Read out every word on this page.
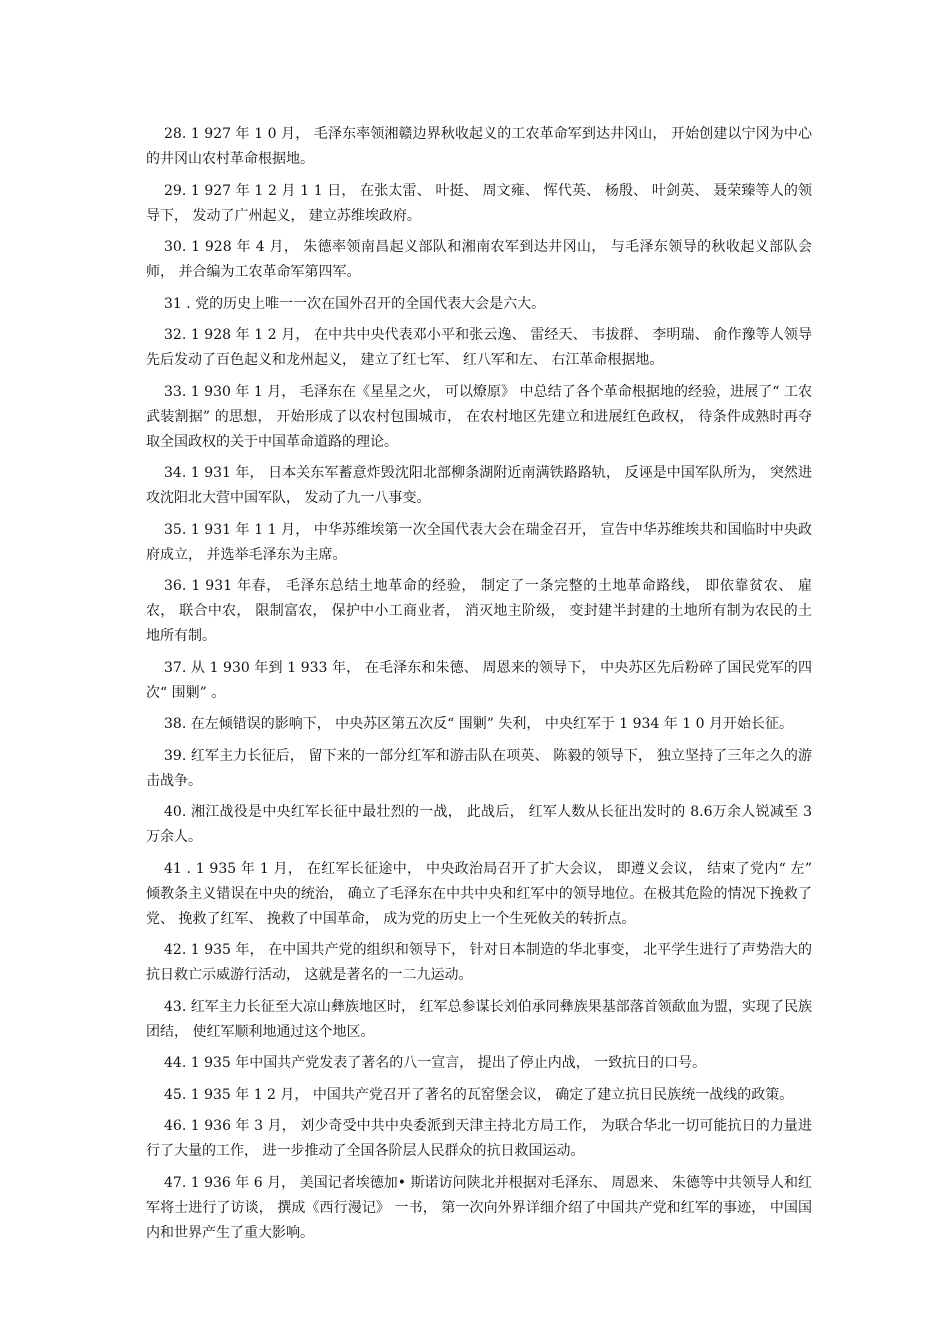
28. 1 927 年 1 0 月， 毛泽东率领湘赣边界秋收起义的工农革命军到达井冈山， 开始创建以宁冈为中心的井冈山农村革命根据地。

29. 1 927 年 1 2 月 1 1 日， 在张太雷、 叶挺、 周文雍、 恽代英、 杨殷、 叶剑英、 聂荣臻等人的领导下， 发动了广州起义， 建立苏维埃政府。

30. 1 928 年 4 月， 朱德率领南昌起义部队和湘南农军到达井冈山， 与毛泽东领导的秋收起义部队会师， 并合编为工农革命军第四军。

31 . 党的历史上唯一一次在国外召开的全国代表大会是六大。

32. 1 928 年 1 2 月， 在中共中央代表邓小平和张云逸、 雷经天、 韦拔群、 李明瑞、 俞作豫等人领导先后发动了百色起义和龙州起义， 建立了红七军、 红八军和左、 右江革命根据地。

33. 1 930 年 1 月， 毛泽东在《星星之火， 可以燎原》 中总结了各个革命根据地的经验，进展了“ 工农武装割据” 的思想， 开始形成了以农村包围城市， 在农村地区先建立和进展红色政权， 待条件成熟时再夺取全国政权的关于中国革命道路的理论。

34. 1 931 年， 日本关东军蓄意炸毁沈阳北部柳条湖附近南满铁路路轨， 反诬是中国军队所为， 突然进攻沈阳北大营中国军队， 发动了九一八事变。

35. 1 931 年 1 1 月， 中华苏维埃第一次全国代表大会在瑞金召开， 宣告中华苏维埃共和国临时中央政府成立， 并选举毛泽东为主席。

36. 1 931 年春， 毛泽东总结土地革命的经验， 制定了一条完整的土地革命路线， 即依靠贫农、 雇农， 联合中农， 限制富农， 保护中小工商业者， 消灭地主阶级， 变封建半封建的土地所有制为农民的土地所有制。

37. 从 1 930 年到 1 933 年， 在毛泽东和朱德、 周恩来的领导下， 中央苏区先后粉碎了国民党军的四次“ 围剿” 。

38. 在左倾错误的影响下， 中央苏区第五次反“ 围剿” 失利， 中央红军于 1 934 年 1 0 月开始长征。

39. 红军主力长征后， 留下来的一部分红军和游击队在项英、 陈毅的领导下， 独立坚持了三年之久的游击战争。

40. 湘江战役是中央红军长征中最壮烈的一战， 此战后， 红军人数从长征出发时的 8.6万余人锐减至 3 万余人。

41 . 1 935 年 1 月， 在红军长征途中， 中央政治局召开了扩大会议， 即遵义会议， 结束了党内“ 左” 倾教条主义错误在中央的统治， 确立了毛泽东在中共中央和红军中的领导地位。在极其危险的情况下挽救了党、 挽救了红军、 挽救了中国革命， 成为党的历史上一个生死攸关的转折点。

42. 1 935 年， 在中国共产党的组织和领导下， 针对日本制造的华北事变， 北平学生进行了声势浩大的抗日救亡示威游行活动， 这就是著名的一二九运动。

43. 红军主力长征至大凉山彝族地区时， 红军总参谋长刘伯承同彝族果基部落首领歃血为盟，实现了民族团结， 使红军顺利地通过这个地区。

44. 1 935 年中国共产党发表了著名的八一宣言， 提出了停止内战， 一致抗日的口号。

45. 1 935 年 1 2 月， 中国共产党召开了著名的瓦窑堡会议， 确定了建立抗日民族统一战线的政策。

46. 1 936 年 3 月， 刘少奇受中共中央委派到天津主持北方局工作， 为联合华北一切可能抗日的力量进行了大量的工作， 进一步推动了全国各阶层人民群众的抗日救国运动。

47. 1 936 年 6 月， 美国记者埃德加• 斯诺访问陕北并根据对毛泽东、 周恩来、 朱德等中共领导人和红军将士进行了访谈， 撰成《西行漫记》 一书， 第一次向外界详细介绍了中国共产党和红军的事迹， 中国国内和世界产生了重大影响。
